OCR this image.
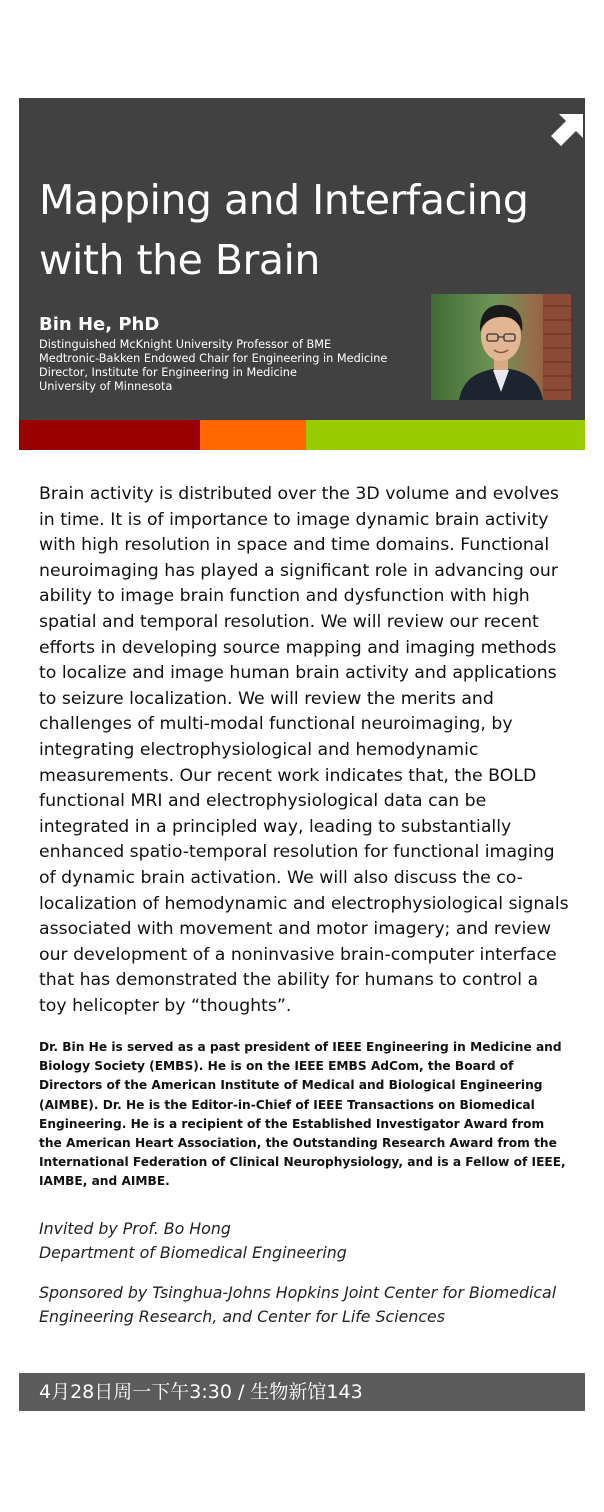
Mapping and Interfacing
with the Brain

Bin He, PhD

Distinguished McKnight University Professor of BME
Medtronic-Bakken Endowed Chair for Engineering in Medicine
Director, Institute for Engineering in Medicine
University of Minnesota

Brain activity is distributed over the 3D volume and evolves in time. It is of importance to image dynamic brain activity with high resolution in space and time domains. Functional neuroimaging has played a significant role in advancing our ability to image brain function and dysfunction with high spatial and temporal resolution. We will review our recent efforts in developing source mapping and imaging methods to localize and image human brain activity and applications to seizure localization. We will review the merits and challenges of multi-modal functional neuroimaging, by integrating electrophysiological and hemodynamic measurements. Our recent work indicates that, the BOLD functional MRI and electrophysiological data can be integrated in a principled way, leading to substantially enhanced spatio-temporal resolution for functional imaging of dynamic brain activation. We will also discuss the co-localization of hemodynamic and electrophysiological signals associated with movement and motor imagery; and review our development of a noninvasive brain-computer interface that has demonstrated the ability for humans to control a toy helicopter by “thoughts”.

Dr. Bin He is served as a past president of IEEE Engineering in Medicine and Biology Society (EMBS). He is on the IEEE EMBS AdCom, the Board of Directors of the American Institute of Medical and Biological Engineering (AIMBE). Dr. He is the Editor-in-Chief of IEEE Transactions on Biomedical Engineering. He is a recipient of the Established Investigator Award from the American Heart Association, the Outstanding Research Award from the International Federation of Clinical Neurophysiology, and is a Fellow of IEEE, IAMBE, and AIMBE.

Invited by Prof. Bo Hong
Department of Biomedical Engineering
Sponsored by Tsinghua-Johns Hopkins Joint Center for Biomedical
Engineering Research, and Center for Life Sciences
4月28日周一下午3:30 / 生物新馆143
